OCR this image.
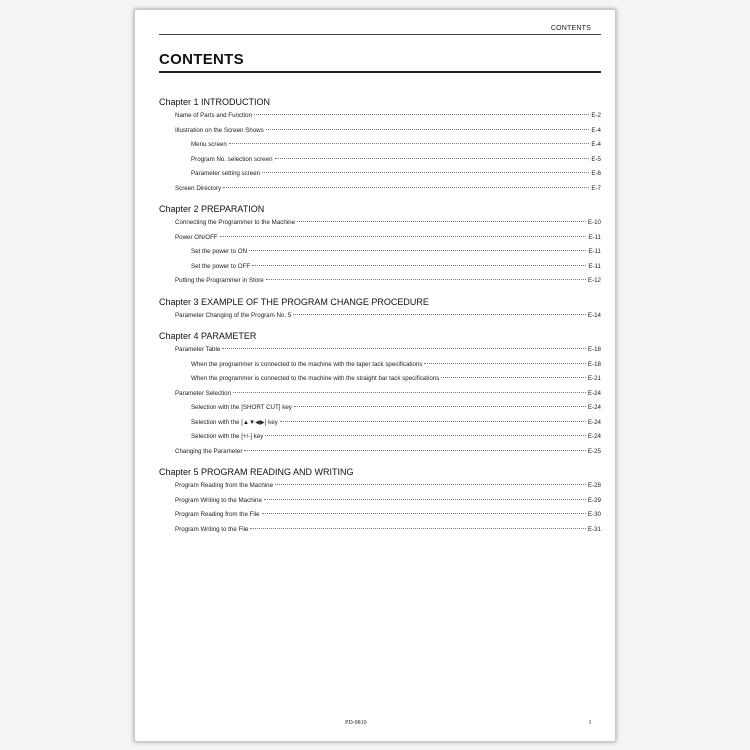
CONTENTS
CONTENTS
Chapter 1 INTRODUCTION
Name of Parts and Function	E-2
Illustration on the Screen Shows	E-4
Menu screen	E-4
Program No. selection screen	E-5
Parameter setting screen	E-6
Screen Directory	E-7
Chapter 2 PREPARATION
Connecting the Programmer to the Machine	E-10
Power ON/OFF	E-11
Set the power to ON	E-11
Set the power to OFF	E-11
Putting the Programmer in Store	E-12
Chapter 3 EXAMPLE OF THE PROGRAM CHANGE PROCEDURE
Parameter Changing of the Program No. 5	E-14
Chapter 4 PARAMETER
Parameter Table	E-18
When the programmer is connected to the machine with the taper tack specifications	E-18
When the programmer is connected to the machine with the straight bar tack specifications	E-21
Parameter Selection	E-24
Selection with the [SHORT CUT] key	E-24
Selection with the [▲▼◀▶] key	E-24
Selection with the [+/-] key	E-24
Changing the Parameter	E-25
Chapter 5 PROGRAM READING AND WRITING
Program Reading from the Machine	E-28
Program Writing to the Machine	E-29
Program Reading from the File	E-30
Program Writing to the File	E-31
PD-9810	I
